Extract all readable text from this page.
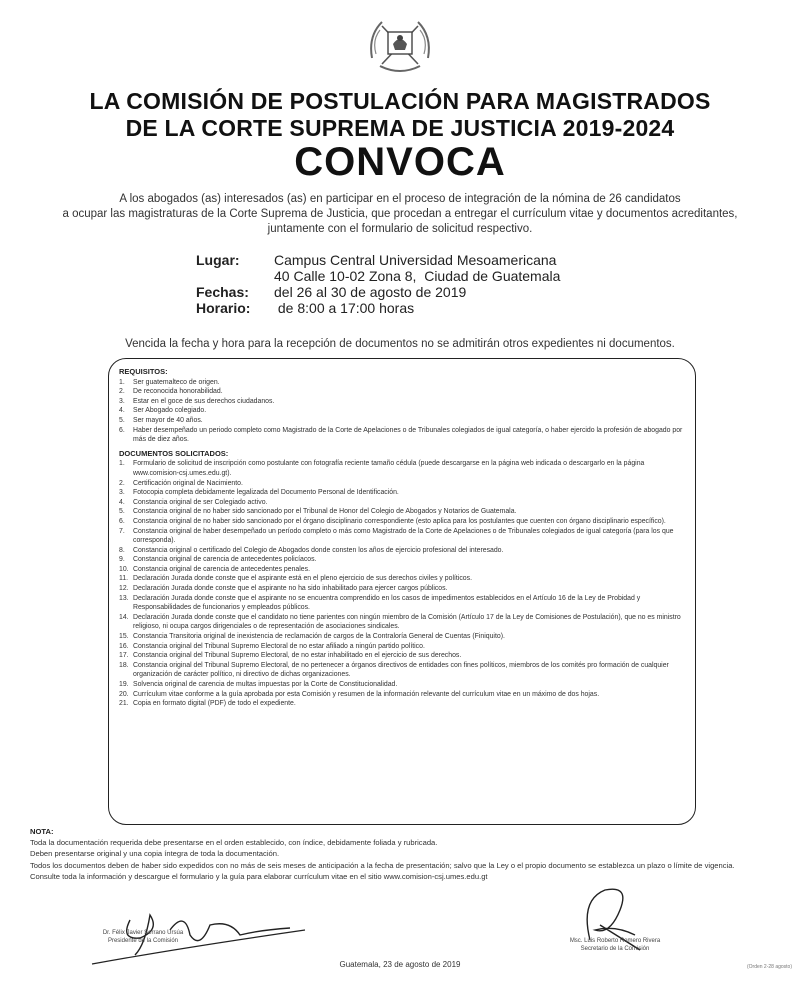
LA COMISIÓN DE POSTULACIÓN PARA MAGISTRADOS
DE LA CORTE SUPREMA DE JUSTICIA 2019-2024
CONVOCA
A los abogados (as) interesados (as) en participar en el proceso de integración de la nómina de 26 candidatos
a ocupar las magistraturas de la Corte Suprema de Justicia, que procedan a entregar el currículum vitae y documentos acreditantes,
juntamente con el formulario de solicitud respectivo.
Lugar:	Campus Central Universidad Mesoamericana
40 Calle 10-02 Zona 8,  Ciudad de Guatemala
Fechas:	del 26 al 30 de agosto de 2019
Horario:	de 8:00 a 17:00 horas
Vencida la fecha y hora para la recepción de documentos no se admitirán otros expedientes ni documentos.
REQUISITOS:
1.	Ser guatemalteco de origen.
2.	De reconocida honorabilidad.
3.	Estar en el goce de sus derechos ciudadanos.
4.	Ser Abogado colegiado.
5.	Ser mayor de 40 años.
6.	Haber desempeñado un periodo completo como Magistrado de la Corte de Apelaciones o de Tribunales colegiados de igual categoría, o haber ejercido la profesión de abogado por más de diez años.
DOCUMENTOS SOLICITADOS:
1.	Formulario de solicitud de inscripción como postulante con fotografía reciente tamaño cédula (puede descargarse en la página web indicada o descargarlo en la página www.comision-csj.umes.edu.gt).
2.	Certificación original de Nacimiento.
3.	Fotocopia completa debidamente legalizada del Documento Personal de Identificación.
4.	Constancia original de ser Colegiado activo.
5.	Constancia original de no haber sido sancionado por el Tribunal de Honor del Colegio de Abogados y Notarios de Guatemala.
6.	Constancia original de no haber sido sancionado por el órgano disciplinario correspondiente (esto aplica para los postulantes que cuenten con órgano disciplinario específico).
7.	Constancia original de haber desempeñado un período completo o más como Magistrado de la Corte de Apelaciones o de Tribunales colegiados de igual categoría (para los que corresponda).
8.	Constancia original o certificado del Colegio de Abogados donde consten los años de ejercicio profesional del interesado.
9.	Constancia original de carencia de antecedentes policíacos.
10. Constancia original de carencia de antecedentes penales.
11. Declaración Jurada donde conste que el aspirante está en el pleno ejercicio de sus derechos civiles y políticos.
12. Declaración Jurada donde conste que el aspirante no ha sido inhabilitado para ejercer cargos públicos.
13. Declaración Jurada donde conste que el aspirante no se encuentra comprendido en los casos de impedimentos establecidos en el Artículo 16 de la Ley de Probidad y Responsabilidades de funcionarios y empleados públicos.
14. Declaración Jurada donde conste que el candidato no tiene parientes con ningún miembro de la Comisión (Artículo 17 de la Ley de Comisiones de Postulación), que no es ministro religioso, ni ocupa cargos dirigenciales o de representación de asociaciones sindicales.
15. Constancia Transitoria original de inexistencia de reclamación de cargos de la Contraloría General de Cuentas (Finiquito).
16. Constancia original del Tribunal Supremo Electoral de no estar afiliado a ningún partido político.
17. Constancia original del Tribunal Supremo Electoral, de no estar inhabilitado en el ejercicio de sus derechos.
18. Constancia original del Tribunal Supremo Electoral, de no pertenecer a órganos directivos de entidades con fines políticos, miembros de los comités pro formación de cualquier organización de carácter político, ni directivo de dichas organizaciones.
19. Solvencia original de carencia de multas impuestas por la Corte de Constitucionalidad.
20. Currículum vitae conforme a la guía aprobada por esta Comisión y resumen de la información relevante del currículum vitae en un máximo de dos hojas.
21. Copia en formato digital (PDF) de todo el expediente.
NOTA:
Toda la documentación requerida debe presentarse en el orden establecido, con índice, debidamente foliada y rubricada.
Deben presentarse original y una copia íntegra de toda la documentación.
Todos los documentos deben de haber sido expedidos con no más de seis meses de anticipación a la fecha de presentación; salvo que la Ley o el propio documento se establezca un plazo o límite de vigencia.
Consulte toda la información y descargue el formulario y la guía para elaborar currículum vitae en el sitio www.comision-csj.umes.edu.gt
Dr. Félix Javier Serrano Ursúa
Presidente de la Comisión	Msc. Luis Roberto Romero Rivera
Secretario de la Comisión
Guatemala, 23 de agosto de 2019	(Orden 2-28 agosto)
